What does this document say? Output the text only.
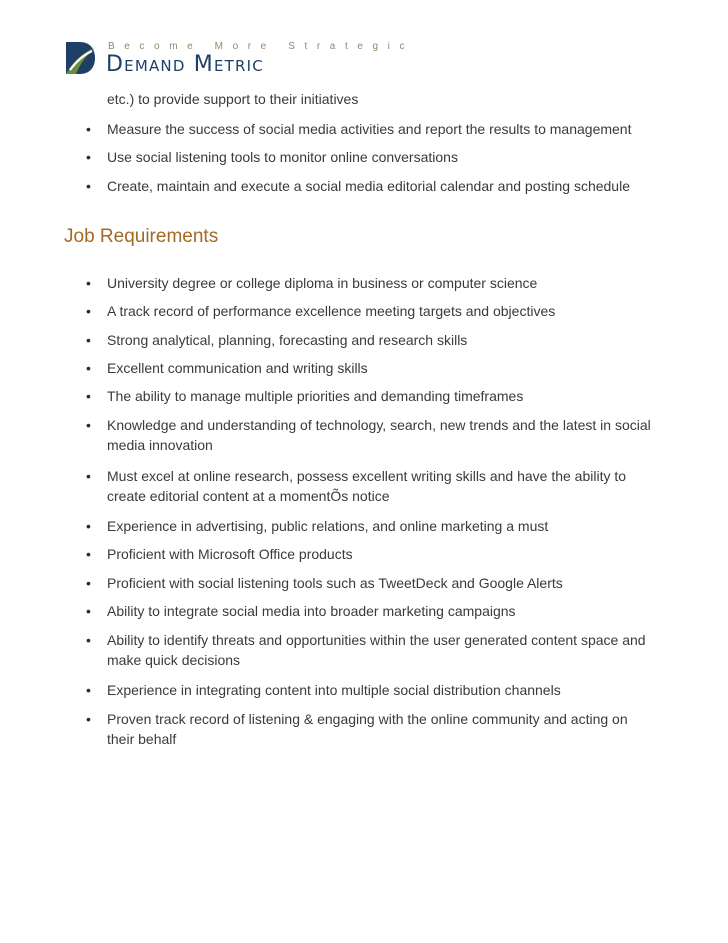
Become More Strategic
Demand Metric
etc.) to provide support to their initiatives
•	Measure the success of social media activities and report the results to management
•	Use social listening tools to monitor online conversations
•	Create, maintain and execute a social media editorial calendar and posting schedule
Job Requirements
•	University degree or college diploma in business or computer science
•	A track record of performance excellence meeting targets and objectives
•	Strong analytical, planning, forecasting and research skills
•	Excellent communication and writing skills
•	The ability to manage multiple priorities and demanding timeframes
•	Knowledge and understanding of technology, search, new trends and the latest in social media innovation
•	Must excel at online research, possess excellent writing skills and have the ability to create editorial content at a momentÕs notice
•	Experience in advertising, public relations, and online marketing a must
•	Proficient with Microsoft Office products
•	Proficient with social listening tools such as TweetDeck and Google Alerts
•	Ability to integrate social media into broader marketing campaigns
•	Ability to identify threats and opportunities within the user generated content space and make quick decisions
•	Experience in integrating content into multiple social distribution channels
•	Proven track record of listening & engaging with the online community and acting on their behalf
